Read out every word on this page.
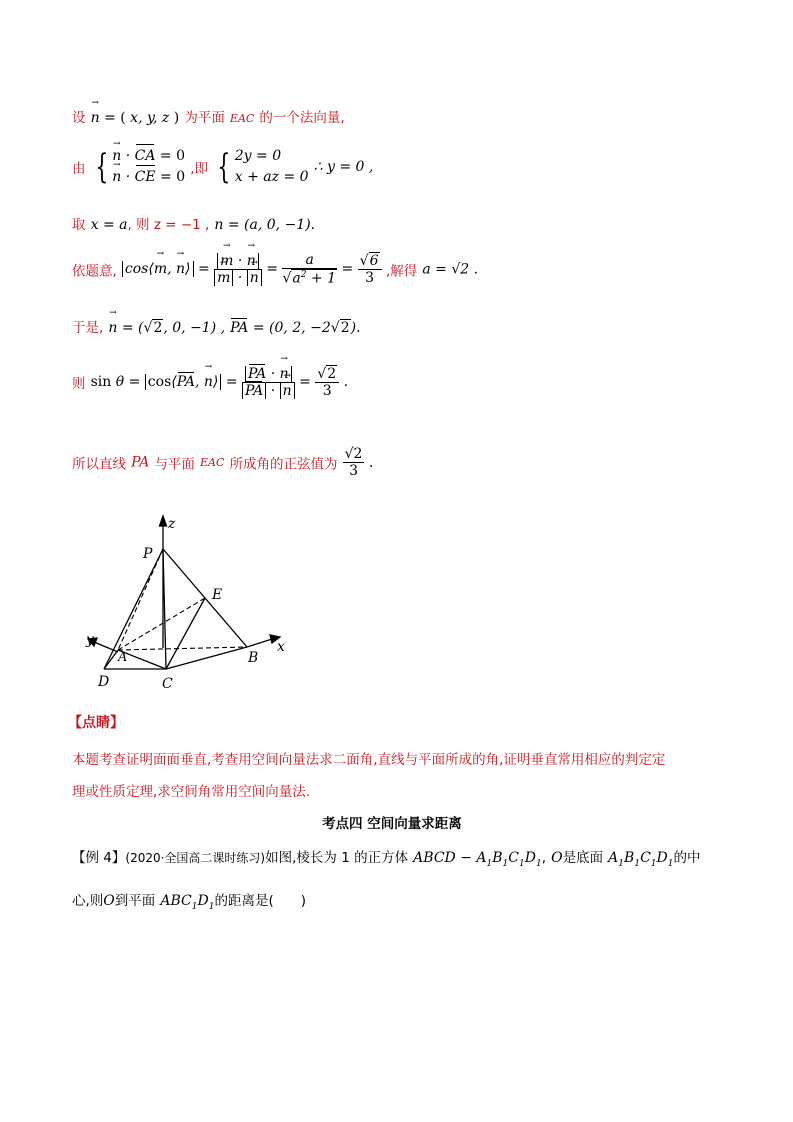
设 → n = ( x, y, z ) 为平面 EAC 的一个法向量,
由 { → n · CA = 0
→ n · CE = 0 ,即 { 2y = 0
x + az = 0 ∴ y = 0 ,
取 x = a, 则 z = −1 , n = (a, 0, −1).
依题意, cos⟨→ m, → n⟩ = → m · → n
→ m · → $n = \frac{a}{√a^2 + 1} = \frac{√6}{3}$ ,解得 a = √2 .
于是, → n = (√2, 0, −1) , PA = (0, 2, −2√2).
则 sin θ = cos⟨PA, → n⟩ = $\frac{PA \cdot \to n}{PA \cdot \to n} = \frac{√2}{3}$ .
所以直线 PA 与平面 EAC 所成角的正弦值为 $\frac{√2}{3}$ .
z
P
E
y
A
x
B
D	C
【点睛】
本题考查证明面面垂直,考查用空间向量法求二面角,直线与平面所成的角,证明垂直常用相应的判定定
理或性质定理,求空间角常用空间向量法.
考点四 空间向量求距离
【例 4】(2020·全国高二课时练习)如图,棱长为 1 的正方体 ABCD − $A_1B_1C_1D_1$, O是底面 $A_1B_1C_1D_1$的中
心,则O到平面 $ABC_1D_1$的距离是(　　)
